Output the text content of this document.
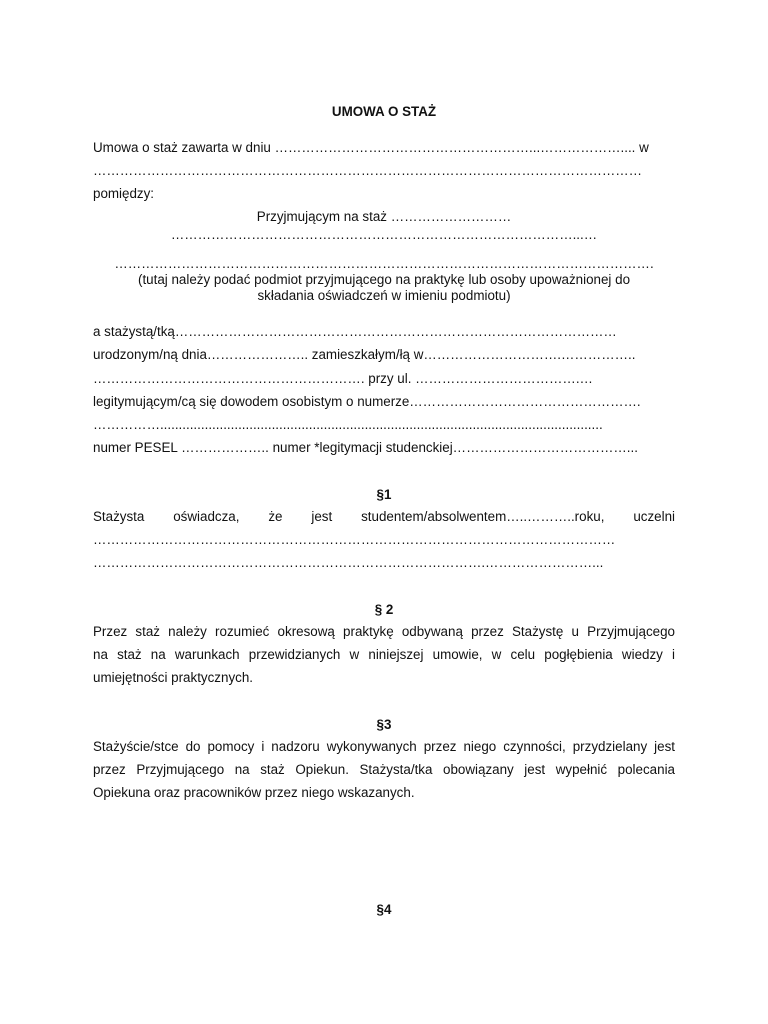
UMOWA O STAŻ
Umowa o staż zawarta w dniu …………………………………………………...……………….... w
……………………………………………………………………………………………………………
pomiędzy:
Przyjmującym na staż ………………………
………………………………………………………………………………...…
………………………………………………………………………………………………………….
(tutaj należy podać podmiot przyjmującego na praktykę lub osoby upoważnionej do
składania oświadczeń w imieniu podmiotu)
a stażystą/tką………………………………………………………………………………………
urodzonym/ną dnia………………….. zamieszkałym/łą w………………………….……………..
……………………………………………………. przy ul. ……………………………….…
legitymującym/cą się dowodem osobistym o numerze…………………………………………….
…………….......................................................................................................................
numer PESEL ……………….. numer *legitymacji studenckiej…………………………………...
§1
Stażysta oświadcza, że jest studentem/absolwentem…..………..roku, uczelni
………………………………………………………………………………………………………
…………………………………………………………………………….……………………...
§ 2
Przez staż należy rozumieć okresową praktykę odbywaną przez Stażystę u Przyjmującego
na staż na warunkach przewidzianych w niniejszej umowie, w celu pogłębienia wiedzy i
umiejętności praktycznych.
§3
Stażyście/stce do pomocy i nadzoru wykonywanych przez niego czynności, przydzielany jest
przez Przyjmującego na staż Opiekun. Stażysta/tka obowiązany jest wypełnić polecania
Opiekuna oraz pracowników przez niego wskazanych.
§4
